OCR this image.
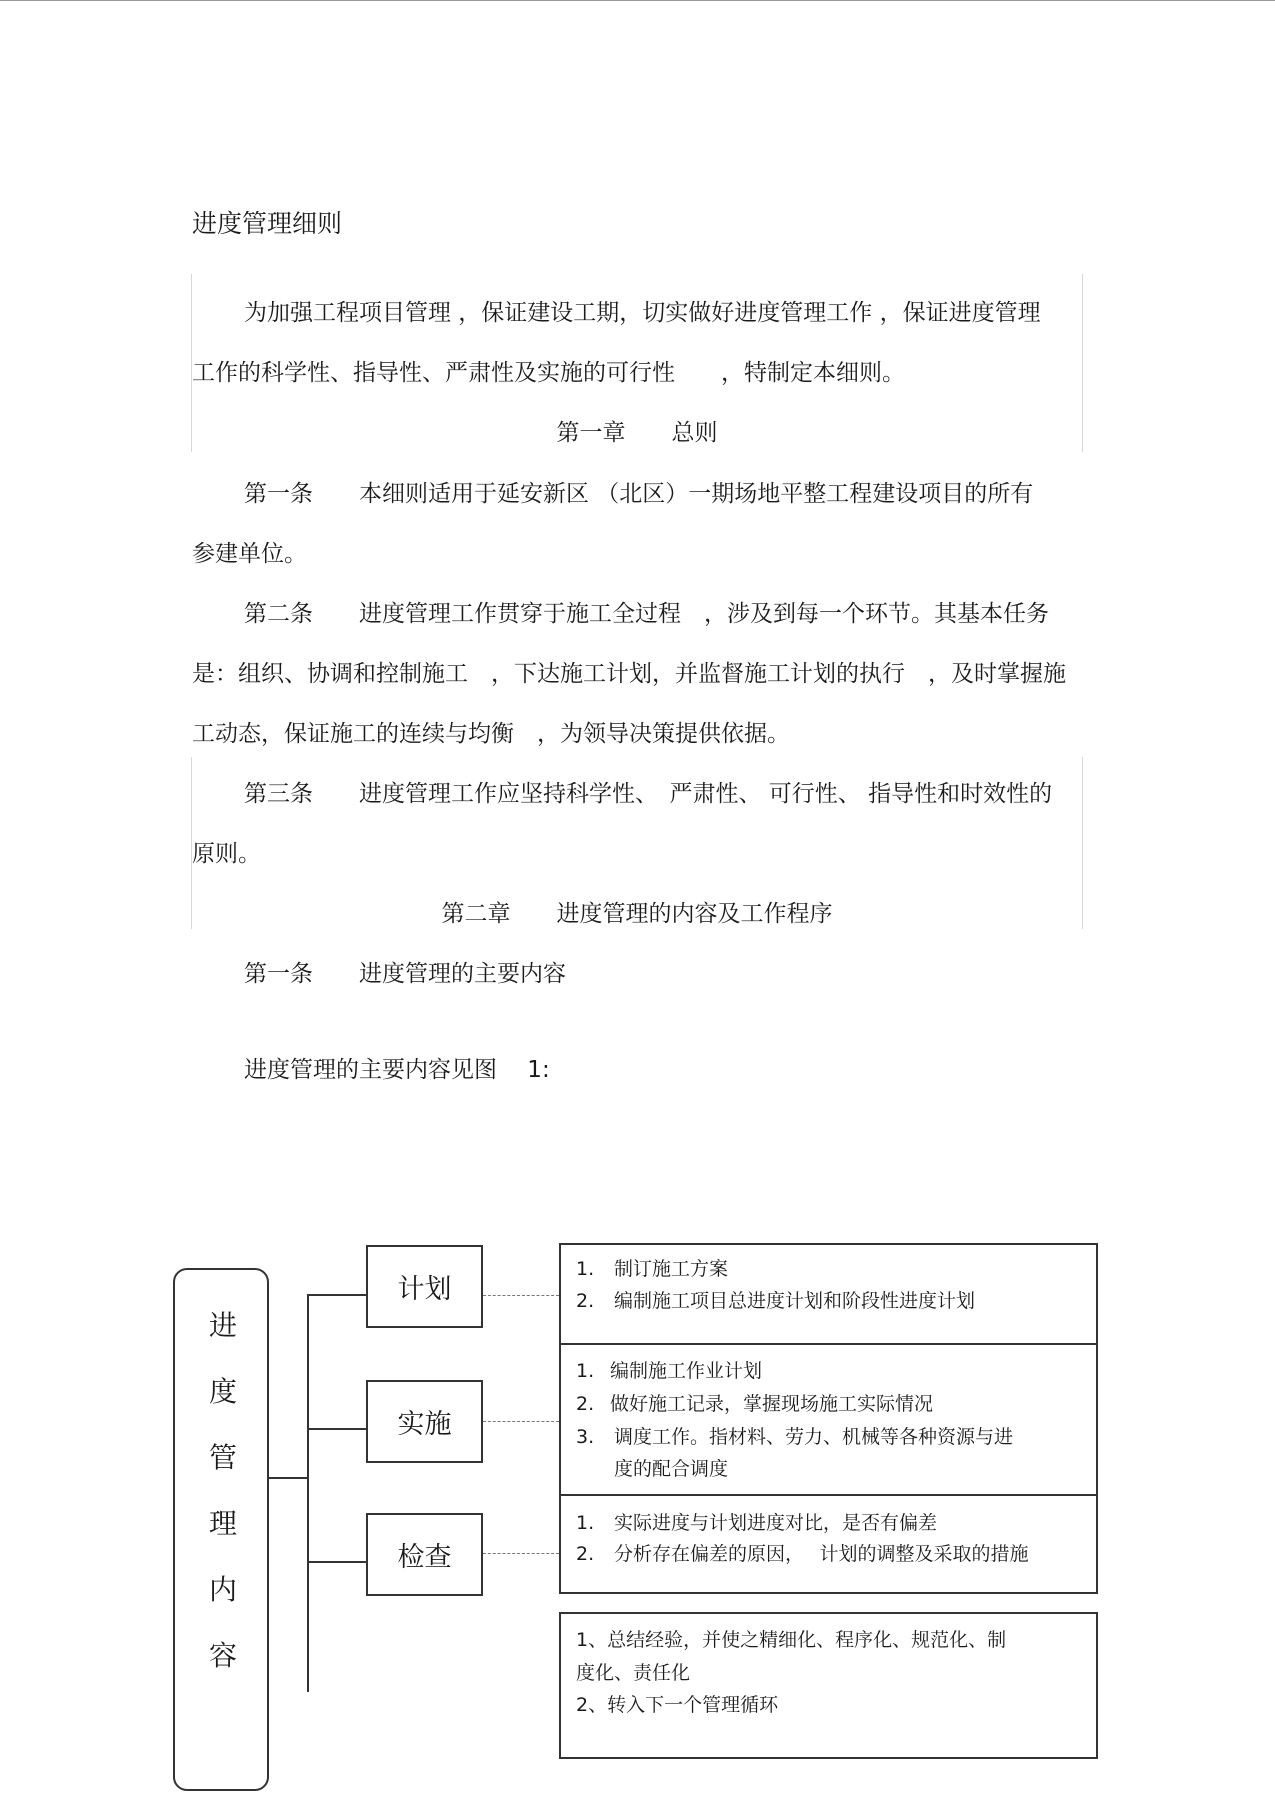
进度管理细则
为加强工程项目管理 ，保证建设工期，切实做好进度管理工作 ，保证进度管理
工作的科学性、指导性、严肃性及实施的可行性　　，特制定本细则。
第一章　　总则
第一条　　本细则适用于延安新区 （北区）一期场地平整工程建设项目的所有
参建单位。
第二条　　进度管理工作贯穿于施工全过程　，涉及到每一个环节。其基本任务
是：组织、协调和控制施工　，下达施工计划，并监督施工计划的执行　，及时掌握施
工动态，保证施工的连续与均衡　，为领导决策提供依据。
第三条　　进度管理工作应坚持科学性、　严肃性、 可行性、 指导性和时效性的
原则。
第二章　　进度管理的内容及工作程序
第一条　　进度管理的主要内容
进度管理的主要内容见图　 1:
进
度
管
理
内
容
计划
实施
检查
1. 制订施工方案
2. 编制施工项目总进度计划和阶段性进度计划
1. 编制施工作业计划
2. 做好施工记录，掌握现场施工实际情况
3. 调度工作。指材料、劳力、机械等各种资源与进
度的配合调度
1. 实际进度与计划进度对比，是否有偏差
2. 分析存在偏差的原因，　 计划的调整及采取的措施
1、总结经验，并使之精细化、程序化、规范化、制
度化、责任化
2、转入下一个管理循环
